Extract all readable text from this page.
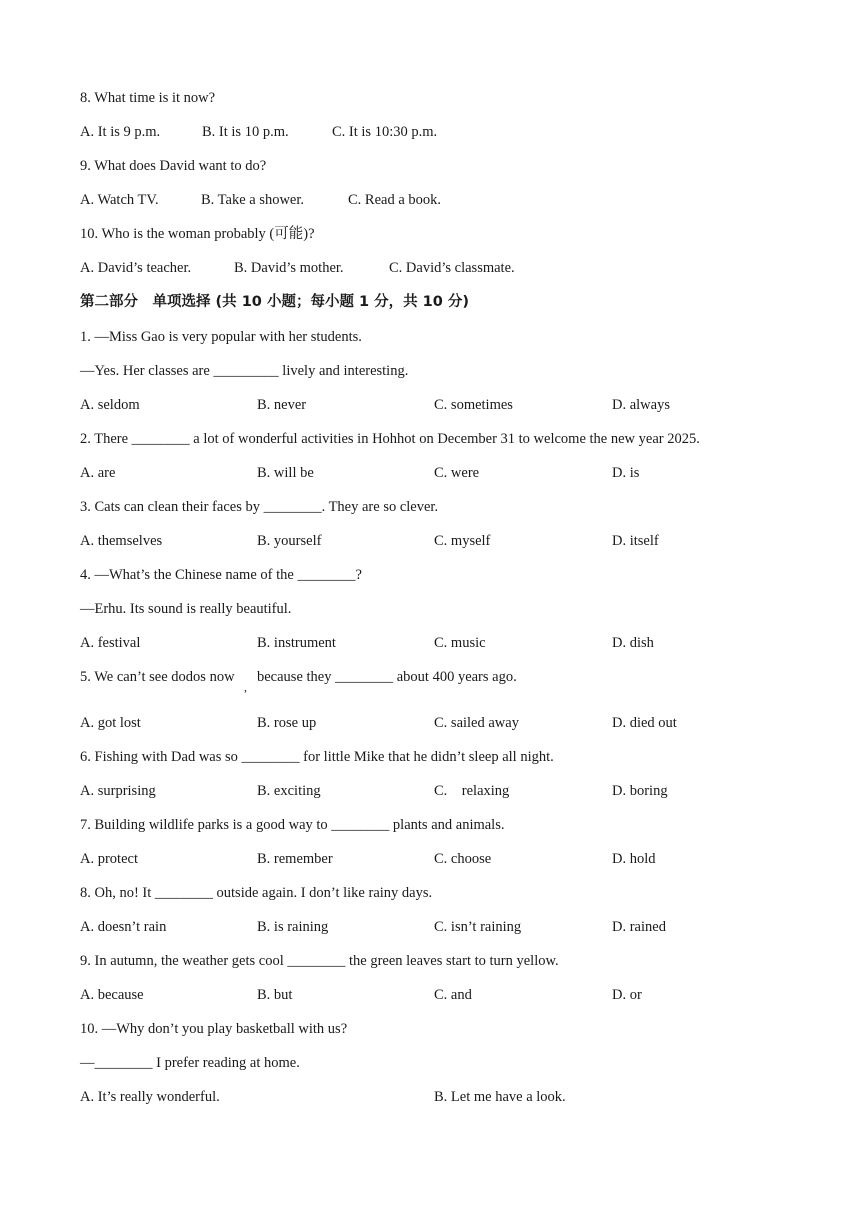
8. What time is it now?
A. It is 9 p.m.	B. It is 10 p.m.	C. It is 10:30 p.m.
9. What does David want to do?
A. Watch TV.	B. Take a shower.	C. Read a book.
10. Who is the woman probably (可能)?
A. David’s teacher.	B. David’s mother.	C. David’s classmate.
第二部分　单项选择 (共 10 小题；每小题 1 分，共 10 分)
1. —Miss Gao is very popular with her students.
—Yes. Her classes are _________ lively and interesting.
A. seldom	B. never	C. sometimes	D. always
2. There ________ a lot of wonderful activities in Hohhot on December 31 to welcome the new year 2025.
A. are	B. will be	C. were	D. is
3. Cats can clean their faces by ________. They are so clever.
A. themselves	B. yourself	C. myself	D. itself
4. —What’s the Chinese name of the ________?
—Erhu. Its sound is really beautiful.
A. festival	B. instrument	C. music	D. dish
5. We can’t see dodos now
,
because they ________ about 400 years ago.
A. got lost	B. rose up	C. sailed away	D. died out
6. Fishing with Dad was so ________ for little Mike that he didn’t sleep all night.
A. surprising	B. exciting	C.　relaxing	D. boring
7. Building wildlife parks is a good way to ________ plants and animals.
A. protect	B. remember	C. choose	D. hold
8. Oh, no! It ________ outside again. I don’t like rainy days.
A. doesn’t rain	B. is raining	C. isn’t raining	D. rained
9. In autumn, the weather gets cool ________ the green leaves start to turn yellow.
A. because	B. but	C. and	D. or
10. —Why don’t you play basketball with us?
—________ I prefer reading at home.
A. It’s really wonderful.	B. Let me have a look.
